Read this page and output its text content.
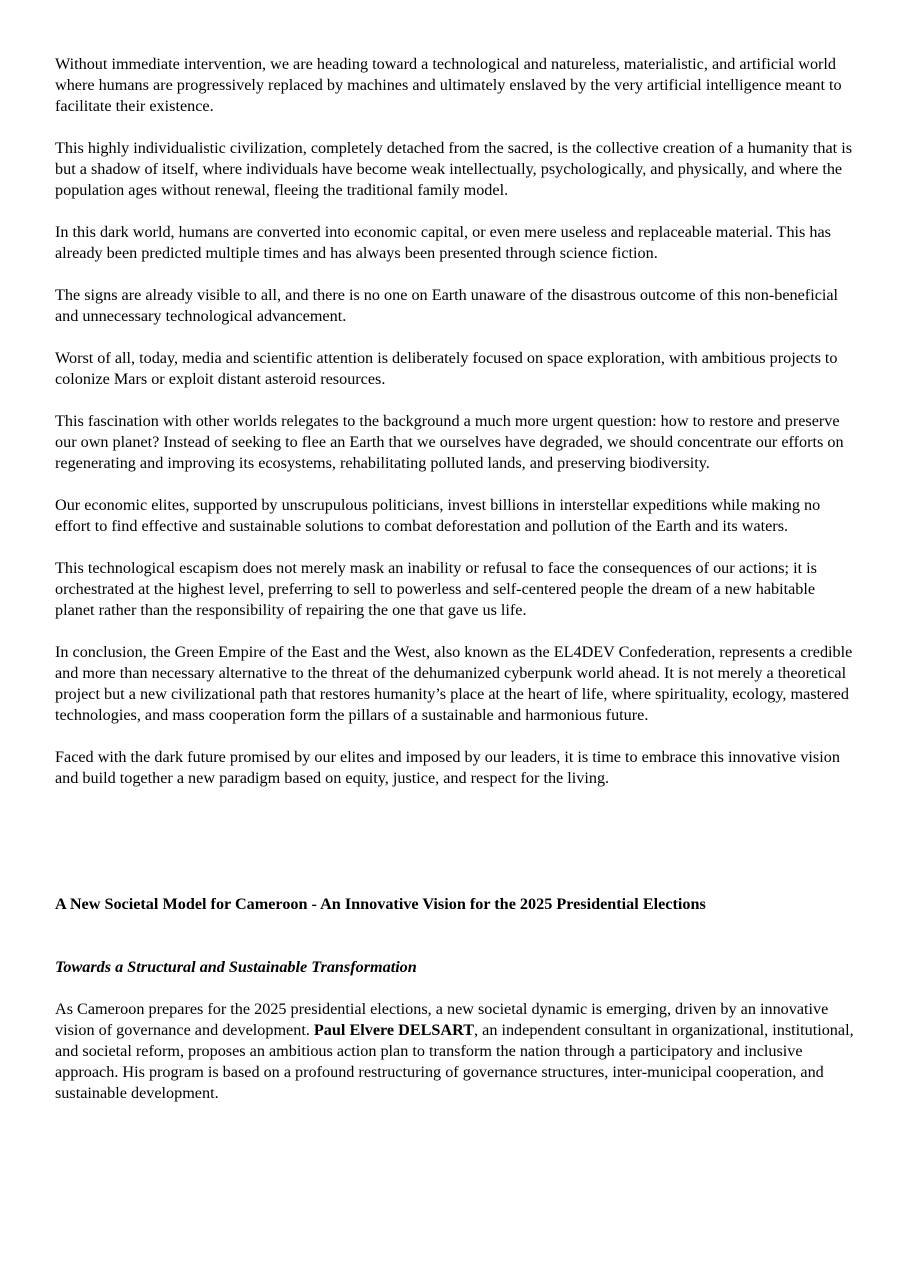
Without immediate intervention, we are heading toward a technological and natureless, materialistic, and artificial world where humans are progressively replaced by machines and ultimately enslaved by the very artificial intelligence meant to facilitate their existence.

This highly individualistic civilization, completely detached from the sacred, is the collective creation of a humanity that is but a shadow of itself, where individuals have become weak intellectually, psychologically, and physically, and where the population ages without renewal, fleeing the traditional family model.

In this dark world, humans are converted into economic capital, or even mere useless and replaceable material. This has already been predicted multiple times and has always been presented through science fiction.

The signs are already visible to all, and there is no one on Earth unaware of the disastrous outcome of this non-beneficial and unnecessary technological advancement.

Worst of all, today, media and scientific attention is deliberately focused on space exploration, with ambitious projects to colonize Mars or exploit distant asteroid resources.

This fascination with other worlds relegates to the background a much more urgent question: how to restore and preserve our own planet? Instead of seeking to flee an Earth that we ourselves have degraded, we should concentrate our efforts on regenerating and improving its ecosystems, rehabilitating polluted lands, and preserving biodiversity.

Our economic elites, supported by unscrupulous politicians, invest billions in interstellar expeditions while making no effort to find effective and sustainable solutions to combat deforestation and pollution of the Earth and its waters.

This technological escapism does not merely mask an inability or refusal to face the consequences of our actions; it is orchestrated at the highest level, preferring to sell to powerless and self-centered people the dream of a new habitable planet rather than the responsibility of repairing the one that gave us life.

In conclusion, the Green Empire of the East and the West, also known as the EL4DEV Confederation, represents a credible and more than necessary alternative to the threat of the dehumanized cyberpunk world ahead. It is not merely a theoretical project but a new civilizational path that restores humanity’s place at the heart of life, where spirituality, ecology, mastered technologies, and mass cooperation form the pillars of a sustainable and harmonious future.

Faced with the dark future promised by our elites and imposed by our leaders, it is time to embrace this innovative vision and build together a new paradigm based on equity, justice, and respect for the living.

A New Societal Model for Cameroon - An Innovative Vision for the 2025 Presidential Elections
Towards a Structural and Sustainable Transformation

As Cameroon prepares for the 2025 presidential elections, a new societal dynamic is emerging, driven by an innovative vision of governance and development. Paul Elvere DELSART, an independent consultant in organizational, institutional, and societal reform, proposes an ambitious action plan to transform the nation through a participatory and inclusive approach. His program is based on a profound restructuring of governance structures, inter-municipal cooperation, and sustainable development.
